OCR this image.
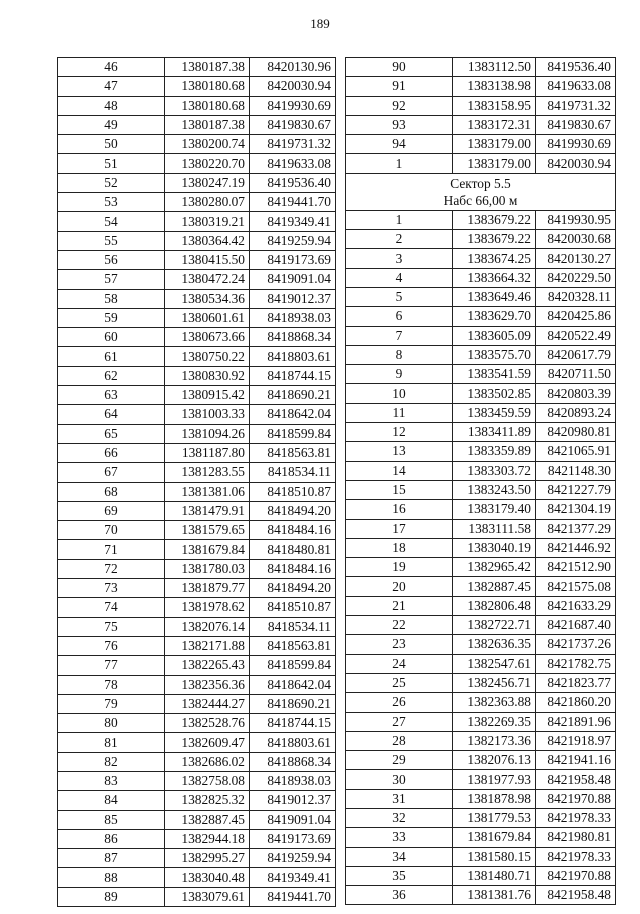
189
46	1380187.38	8420130.96
47	1380180.68	8420030.94
48	1380180.68	8419930.69
49	1380187.38	8419830.67
50	1380200.74	8419731.32
51	1380220.70	8419633.08
52	1380247.19	8419536.40
53	1380280.07	8419441.70
54	1380319.21	8419349.41
55	1380364.42	8419259.94
56	1380415.50	8419173.69
57	1380472.24	8419091.04
58	1380534.36	8419012.37
59	1380601.61	8418938.03
60	1380673.66	8418868.34
61	1380750.22	8418803.61
62	1380830.92	8418744.15
63	1380915.42	8418690.21
64	1381003.33	8418642.04
65	1381094.26	8418599.84
66	1381187.80	8418563.81
67	1381283.55	8418534.11
68	1381381.06	8418510.87
69	1381479.91	8418494.20
70	1381579.65	8418484.16
71	1381679.84	8418480.81
72	1381780.03	8418484.16
73	1381879.77	8418494.20
74	1381978.62	8418510.87
75	1382076.14	8418534.11
76	1382171.88	8418563.81
77	1382265.43	8418599.84
78	1382356.36	8418642.04
79	1382444.27	8418690.21
80	1382528.76	8418744.15
81	1382609.47	8418803.61
82	1382686.02	8418868.34
83	1382758.08	8418938.03
84	1382825.32	8419012.37
85	1382887.45	8419091.04
86	1382944.18	8419173.69
87	1382995.27	8419259.94
88	1383040.48	8419349.41
89	1383079.61	8419441.70
90	1383112.50	8419536.40
91	1383138.98	8419633.08
92	1383158.95	8419731.32
93	1383172.31	8419830.67
94	1383179.00	8419930.69
1	1383179.00	8420030.94

Сектор 5.5
Набс 66,00 м		

1	1383679.22	8419930.95
2	1383679.22	8420030.68
3	1383674.25	8420130.27
4	1383664.32	8420229.50
5	1383649.46	8420328.11
6	1383629.70	8420425.86
7	1383605.09	8420522.49
8	1383575.70	8420617.79
9	1383541.59	8420711.50
10	1383502.85	8420803.39
11	1383459.59	8420893.24
12	1383411.89	8420980.81
13	1383359.89	8421065.91
14	1383303.72	8421148.30
15	1383243.50	8421227.79
16	1383179.40	8421304.19
17	1383111.58	8421377.29
18	1383040.19	8421446.92
19	1382965.42	8421512.90
20	1382887.45	8421575.08
21	1382806.48	8421633.29
22	1382722.71	8421687.40
23	1382636.35	8421737.26
24	1382547.61	8421782.75
25	1382456.71	8421823.77
26	1382363.88	8421860.20
27	1382269.35	8421891.96
28	1382173.36	8421918.97
29	1382076.13	8421941.16
30	1381977.93	8421958.48
31	1381878.98	8421970.88
32	1381779.53	8421978.33
33	1381679.84	8421980.81
34	1381580.15	8421978.33
35	1381480.71	8421970.88
36	1381381.76	8421958.48
